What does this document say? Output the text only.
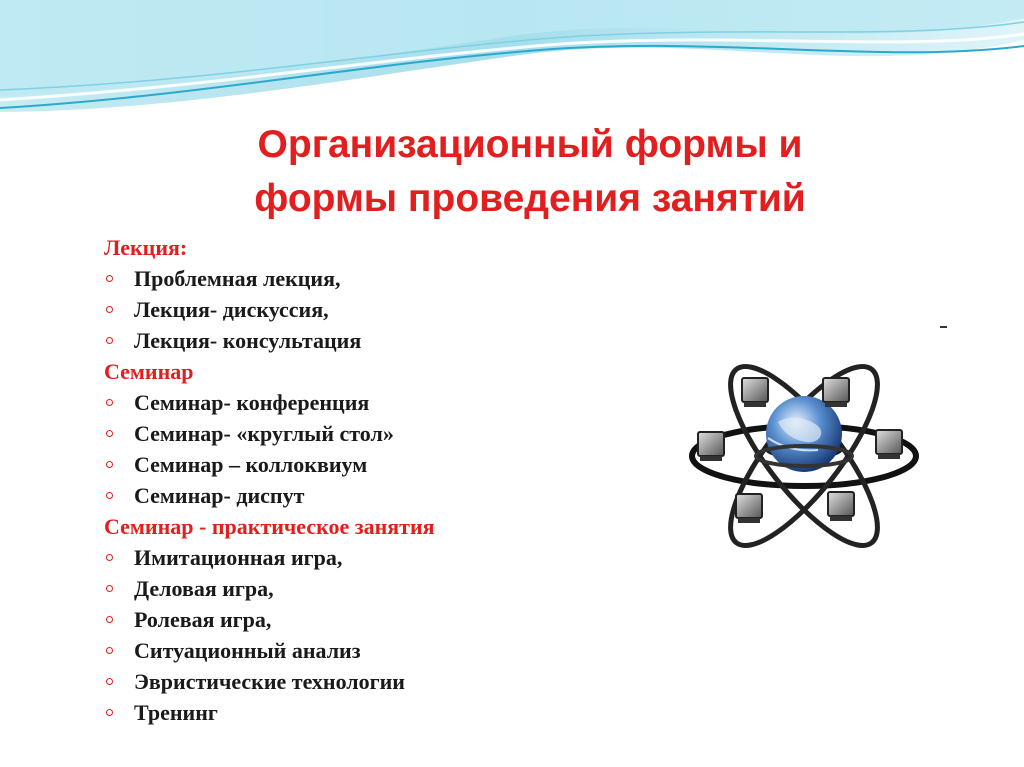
Организационный формы и
формы проведения занятий
Лекция:
Проблемная лекция,
Лекция- дискуссия,
Лекция- консультация
Семинар
Семинар- конференция
Семинар- «круглый стол»
Семинар – коллоквиум
Семинар- диспут
Семинар - практическое занятия
Имитационная игра,
Деловая игра,
Ролевая игра,
Ситуационный анализ
Эвристические технологии
Тренинг
